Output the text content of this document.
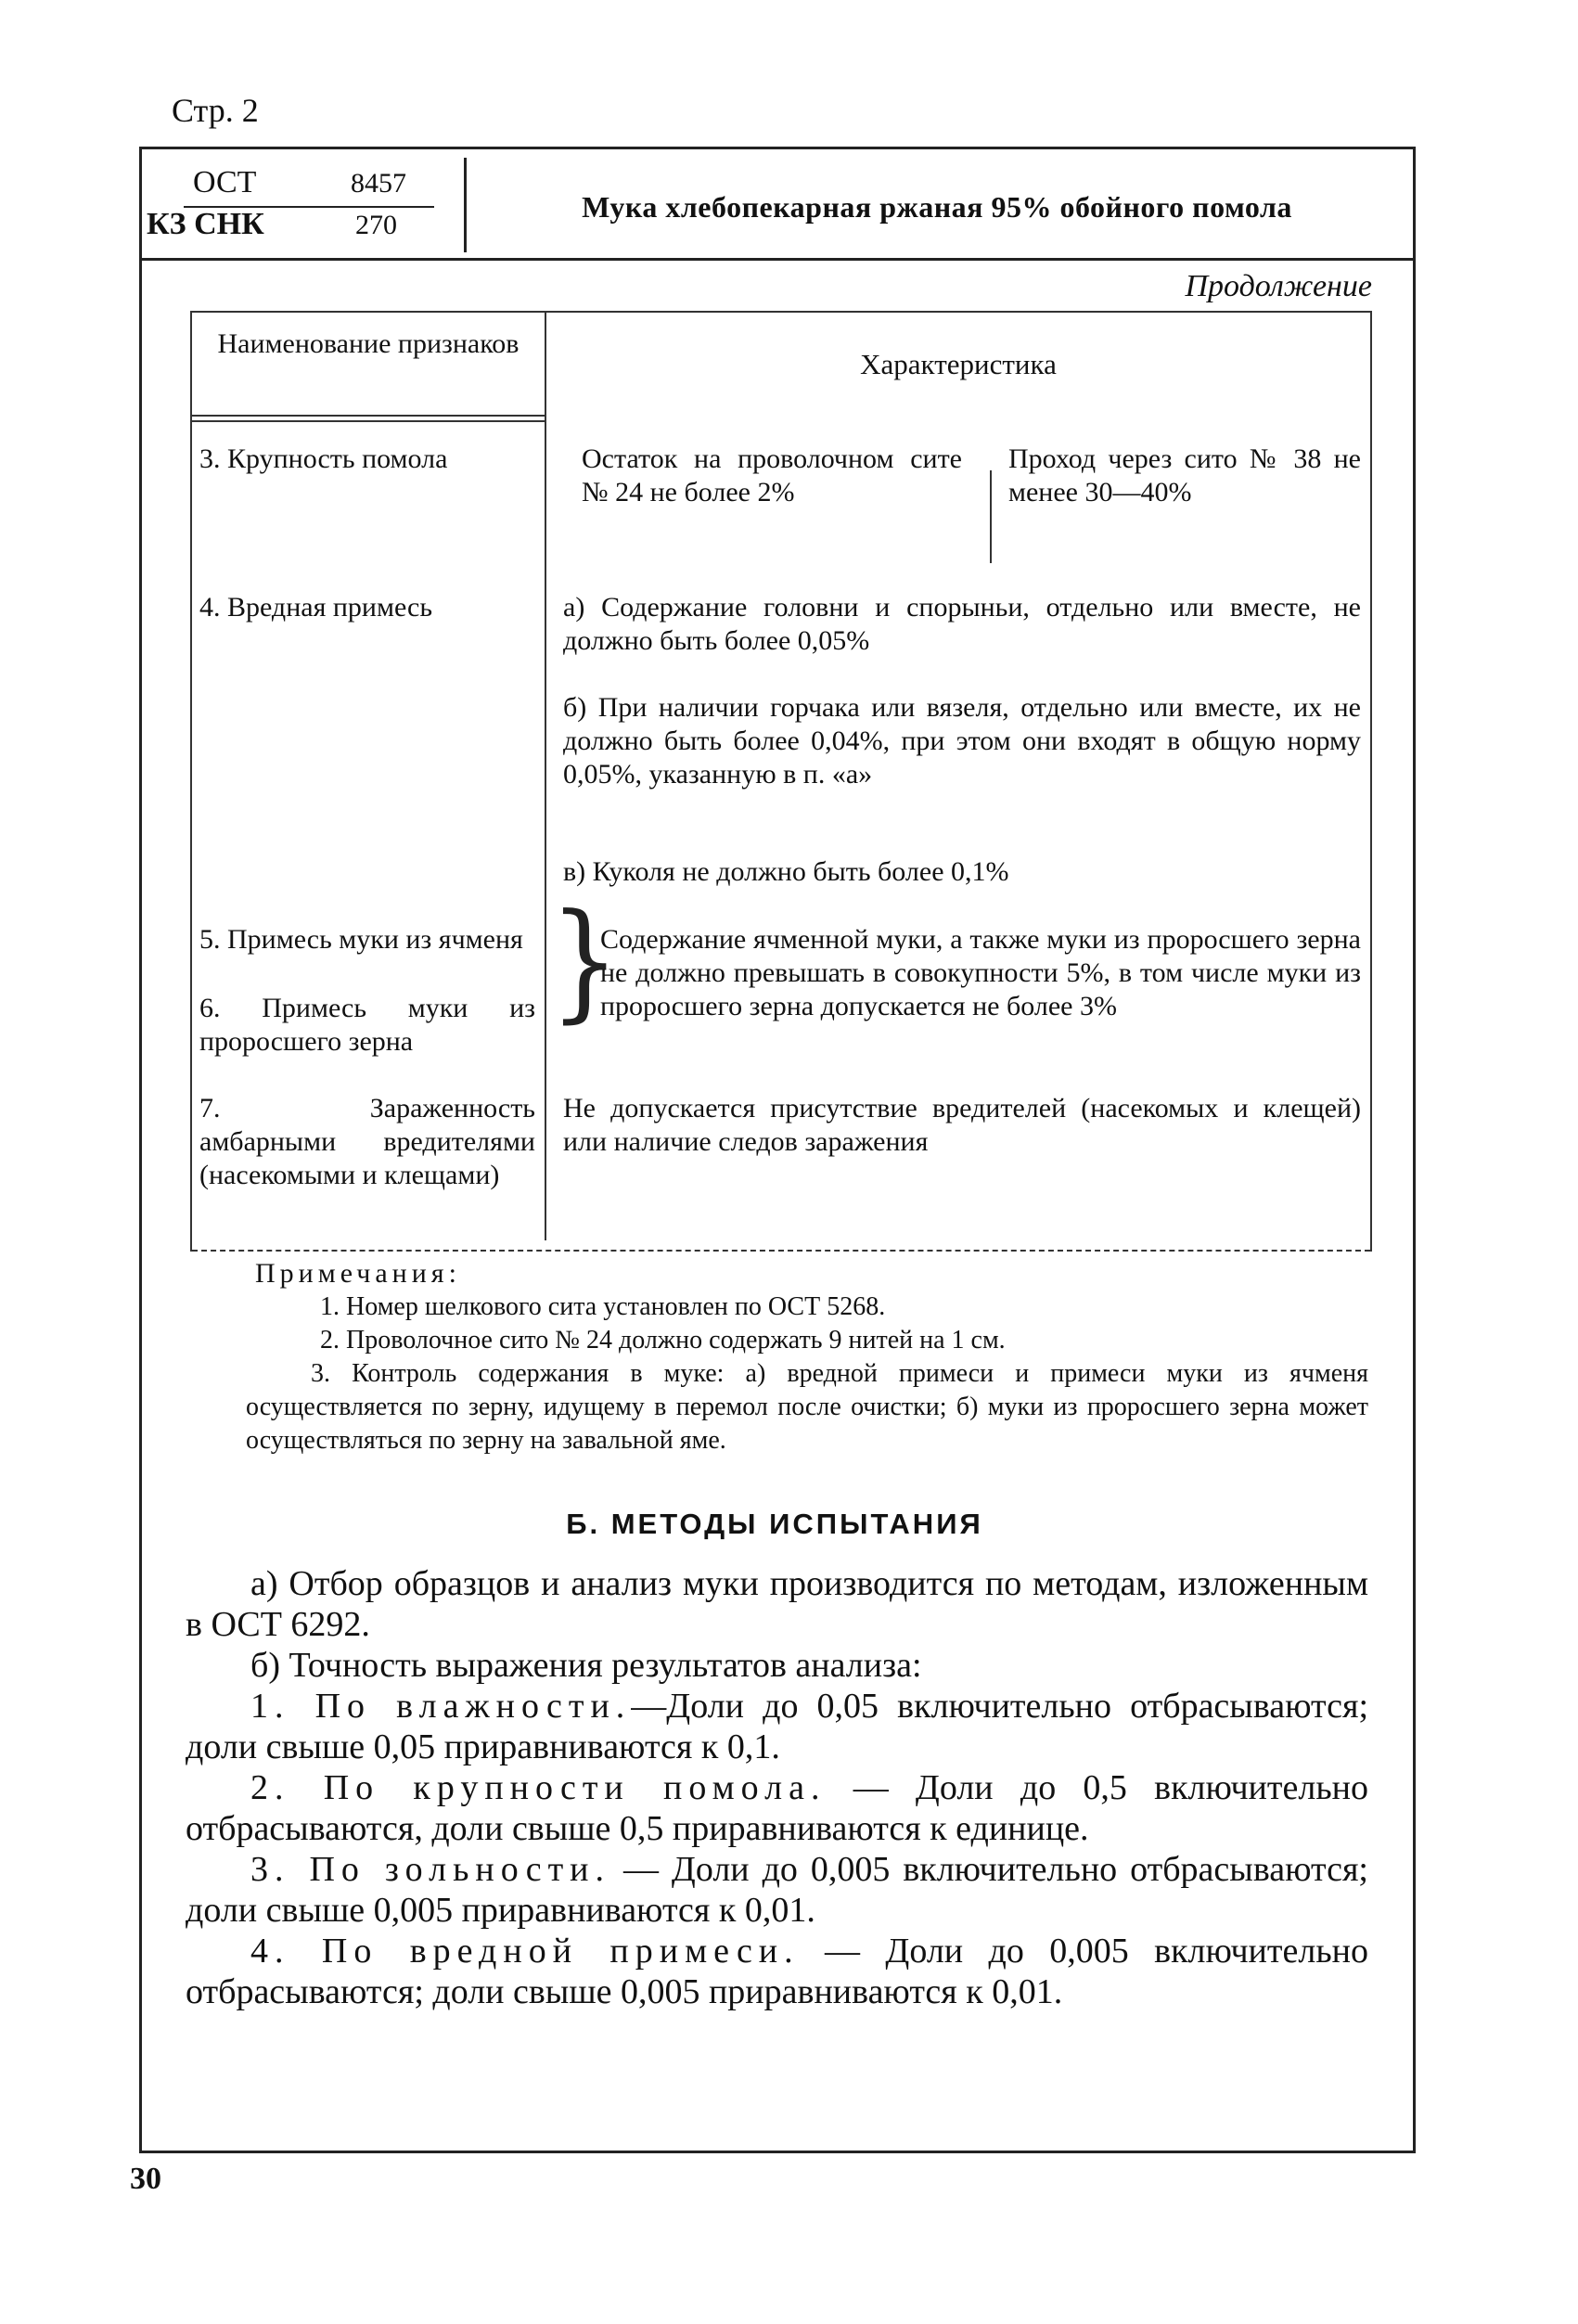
Стр. 2
ОСТ
КЗ СНК
8457
270
Мука хлебопекарная ржаная 95% обойного помола
Продолжение
Наименование признаков
Характеристика
3. Крупность помола	Остаток на проволочном сите № 24 не более 2%
Проход через сито № 38 не менее 30—40%
4. Вредная примесь	а) Содержание головни и спорыньи, отдельно или вместе, не должно быть более 0,05%
б) При наличии горчака или вязеля, отдельно или вместе, их не должно быть более 0,04%, при этом они входят в общую норму 0,05%, указанную в п. «а»
в) Куколя не должно быть более 0,1%
5. Примесь муки из ячменя
6. Примесь муки из проросшего зерна
}
Содержание ячменной муки, а также муки из проросшего зерна не должно превышать в совокупности 5%, в том числе муки из проросшего зерна допускается не более 3%
7. Зараженность амбарными вредителями (насекомыми и клещами)
Не допускается присутствие вредителей (насекомых и клещей) или наличие следов заражения

Примечания:

1. Номер шелкового сита установлен по ОСТ 5268.

2. Проволочное сито № 24 должно содержать 9 нитей на 1 см.

3. Контроль содержания в муке: а) вредной примеси и примеси муки из ячменя осуществляется по зерну, идущему в перемол после очистки; б) муки из проросшего зерна может осуществляться по зерну на завальной яме.

Б. МЕТОДЫ ИСПЫТАНИЯ

а) Отбор образцов и анализ муки производится по методам, изложенным в ОСТ 6292.

б) Точность выражения результатов анализа:

1. По влажности.—Доли до 0,05 включительно отбрасываются; доли свыше 0,05 приравниваются к 0,1.

2. По крупности помола. — Доли до 0,5 включительно отбрасываются, доли свыше 0,5 приравниваются к единице.

3. По зольности. — Доли до 0,005 включительно отбрасываются; доли свыше 0,005 приравниваются к 0,01.

4. По вредной примеси. — Доли до 0,005 включительно отбрасываются; доли свыше 0,005 приравниваются к 0,01.

30
